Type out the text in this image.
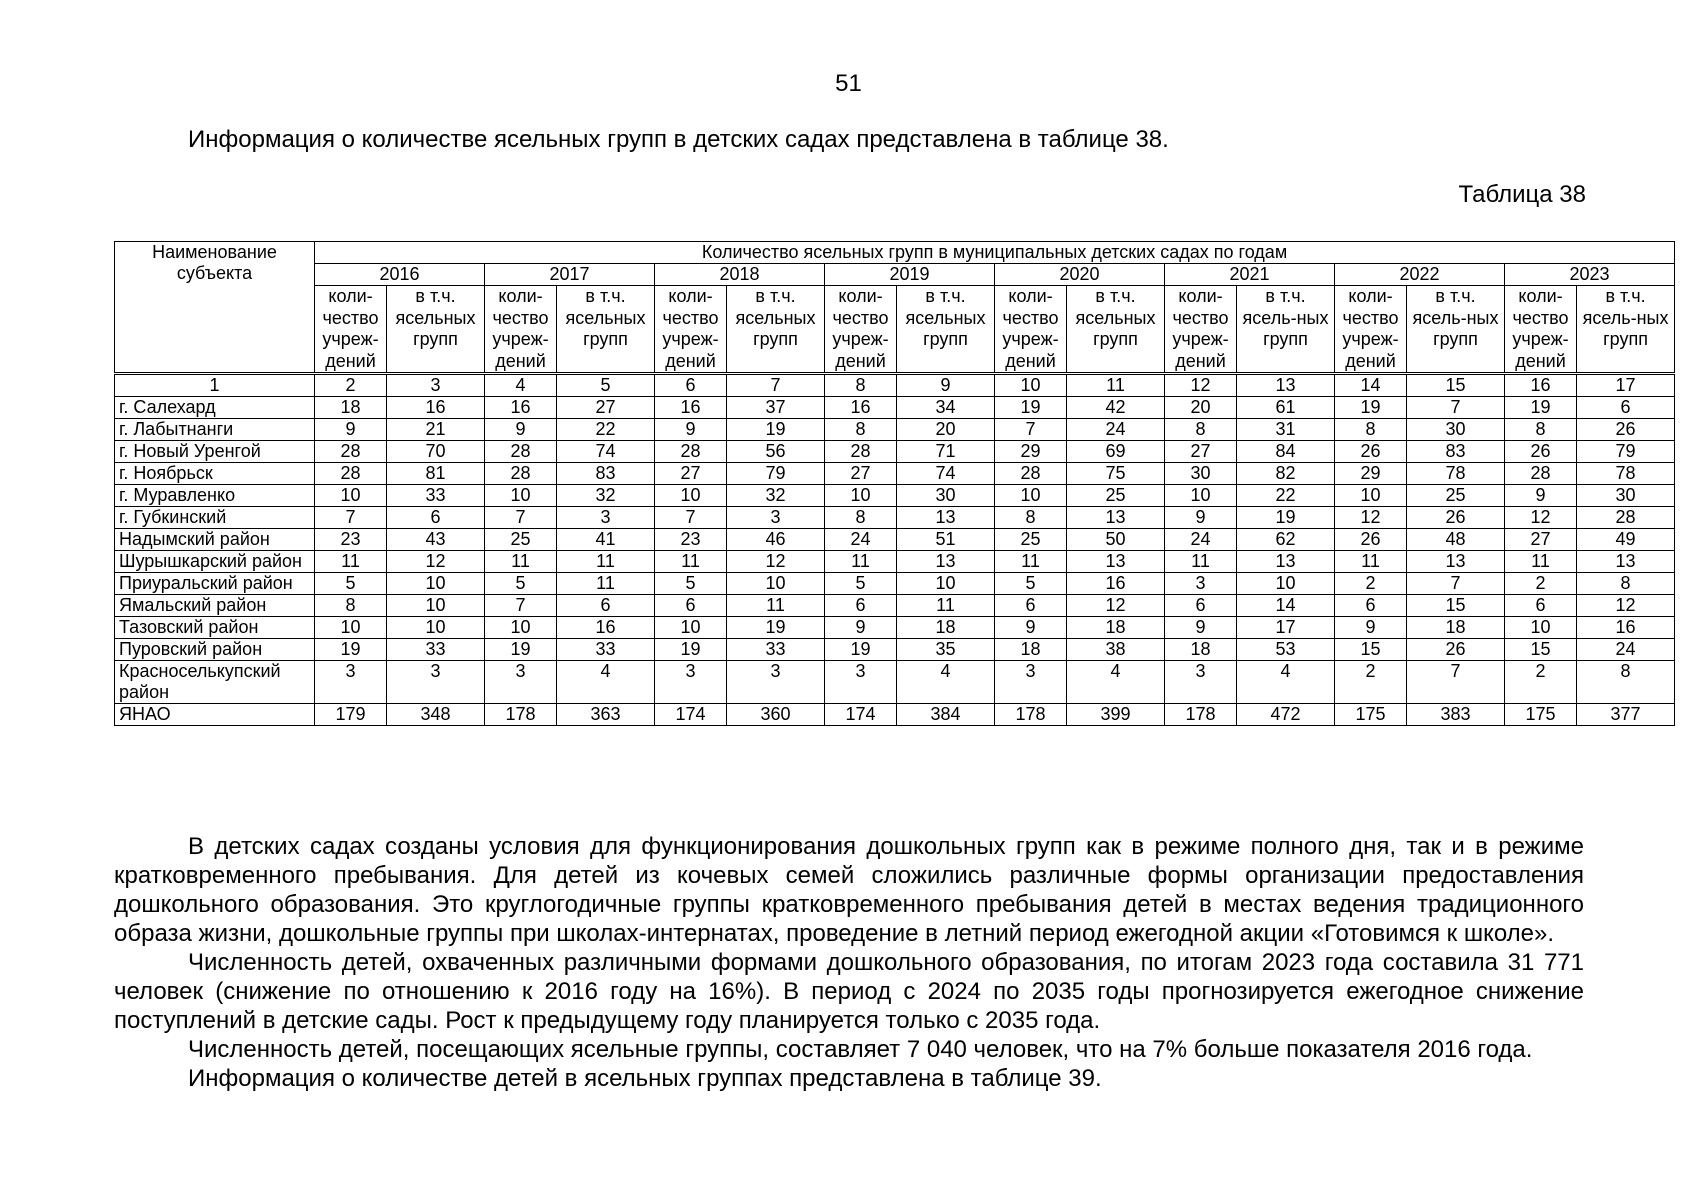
51
Информация о количестве ясельных групп в детских садах представлена в таблице 38.
Таблица 38
Наименование субъекта	Количество ясельных групп в муниципальных детских садах по годам															
	2016		2017		2018		2019		2020		2021		2022		2023	
	коли-чество учреж-дений	в т.ч. ясельных групп	коли-чество учреж-дений	в т.ч. ясельных групп	коли-чество учреж-дений	в т.ч. ясельных групп	коли-чество учреж-дений	в т.ч. ясельных групп	коли-чество учреж-дений	в т.ч. ясельных групп	коли-чество учреж-дений	в т.ч. ясель-ных групп	коли-чество учреж-дений	в т.ч. ясель-ных групп	коли-чество учреж-дений	в т.ч. ясель-ных групп
1	2	3	4	5	6	7	8	9	10	11	12	13	14	15	16	17
г. Салехард	18	16	16	27	16	37	16	34	19	42	20	61	19	7	19	6
г. Лабытнанги	9	21	9	22	9	19	8	20	7	24	8	31	8	30	8	26
г. Новый Уренгой	28	70	28	74	28	56	28	71	29	69	27	84	26	83	26	79
г. Ноябрьск	28	81	28	83	27	79	27	74	28	75	30	82	29	78	28	78
г. Муравленко	10	33	10	32	10	32	10	30	10	25	10	22	10	25	9	30
г. Губкинский	7	6	7	3	7	3	8	13	8	13	9	19	12	26	12	28
Надымский район	23	43	25	41	23	46	24	51	25	50	24	62	26	48	27	49
Шурышкарский район	11	12	11	11	11	12	11	13	11	13	11	13	11	13	11	13
Приуральский район	5	10	5	11	5	10	5	10	5	16	3	10	2	7	2	8
Ямальский район	8	10	7	6	6	11	6	11	6	12	6	14	6	15	6	12
Тазовский район	10	10	10	16	10	19	9	18	9	18	9	17	9	18	10	16
Пуровский район	19	33	19	33	19	33	19	35	18	38	18	53	15	26	15	24
Красноселькупский район	3	3	3	4	3	3	3	4	3	4	3	4	2	7	2	8
ЯНАО	179	348	178	363	174	360	174	384	178	399	178	472	175	383	175	377

В детских садах созданы условия для функционирования дошкольных групп как в режиме полного дня, так и в режиме кратковременного пребывания. Для детей из кочевых семей сложились различные формы организации предоставления дошкольного образования. Это круглогодичные группы кратковременного пребывания детей в местах ведения традиционного образа жизни, дошкольные группы при школах-интернатах, проведение в летний период ежегодной акции «Готовимся к школе».

Численность детей, охваченных различными формами дошкольного образования, по итогам 2023 года составила 31 771 человек (снижение по отношению к 2016 году на 16%). В период с 2024 по 2035 годы прогнозируется ежегодное снижение поступлений в детские сады. Рост к предыдущему году планируется только с 2035 года.

Численность детей, посещающих ясельные группы, составляет 7 040 человек, что на 7% больше показателя 2016 года.

Информация о количестве детей в ясельных группах представлена в таблице 39.
